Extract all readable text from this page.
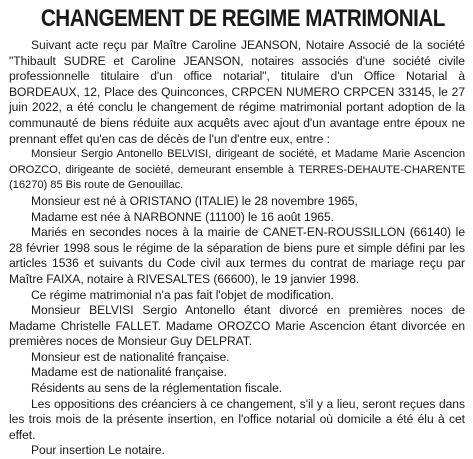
CHANGEMENT DE REGIME MATRIMONIAL

Suivant acte reçu par Maître Caroline JEANSON, Notaire Associé de la société "Thibault SUDRE et Caroline JEANSON, notaires associés d'une société civile professionnelle titulaire d'un office notarial", titulaire d'un Office Notarial à BORDEAUX, 12, Place des Quinconces, CRPCEN NUMERO CRPCEN 33145, le 27 juin 2022, a été conclu le changement de régime matrimonial portant adoption de la communauté de biens réduite aux acquêts avec ajout d'un avantage entre époux ne prennant effet qu'en cas de décès de l'un d'entre eux, entre :

Monsieur Sergio Antonello BELVISI, dirigeant de société, et Madame Marie Ascencion OROZCO, dirigeante de société, demeurant ensemble à TERRES-DEHAUTE-CHARENTE (16270) 85 Bis route de Genouillac.

Monsieur est né à ORISTANO (ITALIE) le 28 novembre 1965,

Madame est née à NARBONNE (11100) le 16 août 1965.

Mariés en secondes noces à la mairie de CANET-EN-ROUSSILLON (66140) le 28 février 1998 sous le régime de la séparation de biens pure et simple défini par les articles 1536 et suivants du Code civil aux termes du contrat de mariage reçu par Maître FAIXA, notaire à RIVESALTES (66600), le 19 janvier 1998.

Ce régime matrimonial n'a pas fait l'objet de modification.

Monsieur BELVISI Sergio Antonello étant divorcé en premières noces de Madame Christelle FALLET. Madame OROZCO Marie Ascencion étant divorcée en premières noces de Monsieur Guy DELPRAT.

Monsieur est de nationalité française.

Madame est de nationalité française.

Résidents au sens de la réglementation fiscale.

Les oppositions des créanciers à ce changement, s'il y a lieu, seront reçues dans les trois mois de la présente insertion, en l'office notarial où domicile a été élu à cet effet.

Pour insertion Le notaire.
